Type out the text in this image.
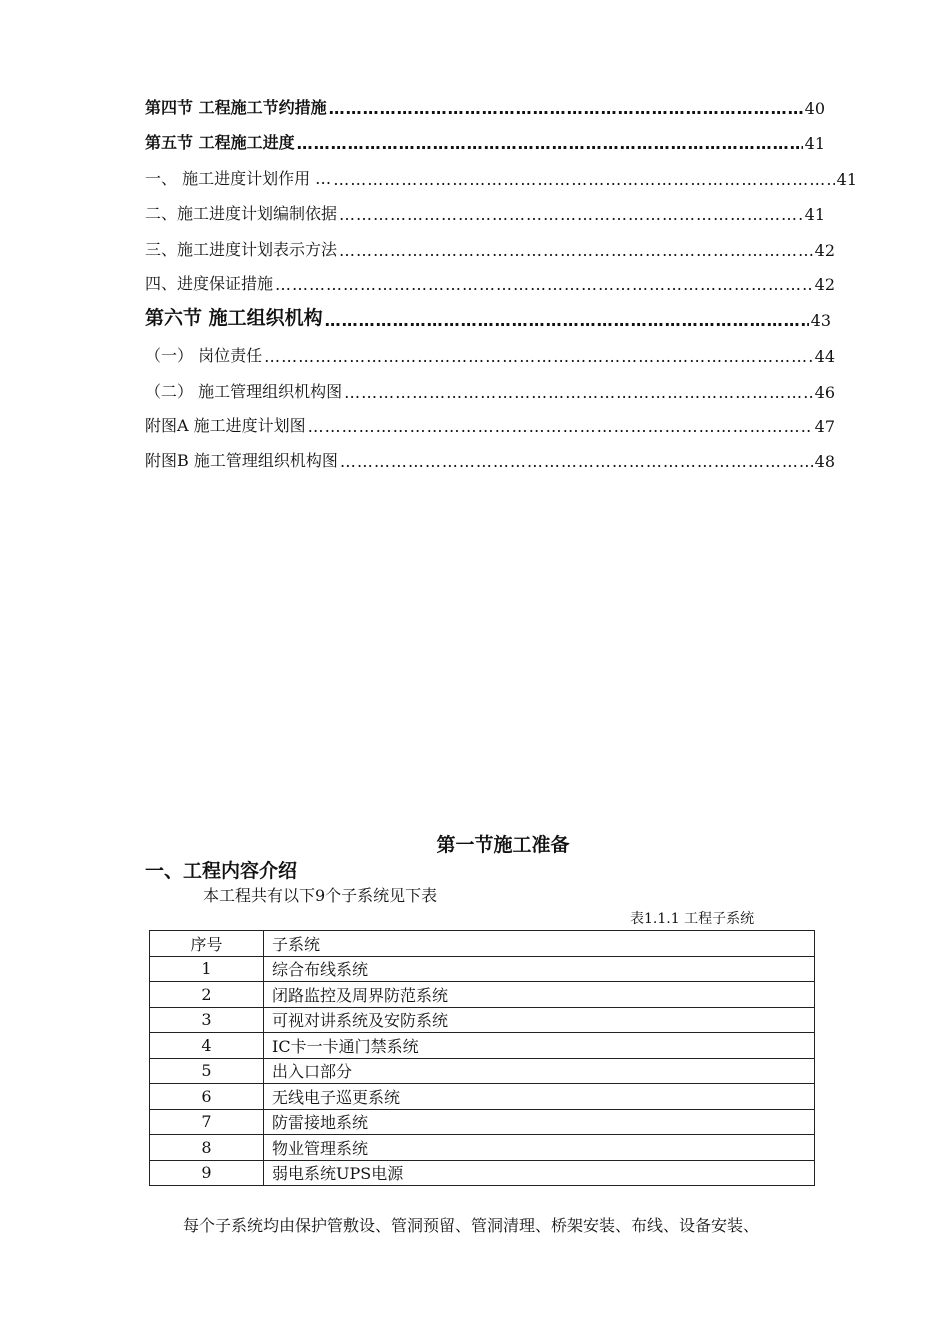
第四节 工程施工节约措施 …………………………………………………………………………………………………………………………………………	40
第五节 工程施工进度 …………………………………………………………………………………………………………………………………………	41
一、 施工进度计划作用 … …………………………………………………………………………………………………………………………………………	41
二、施工进度计划编制依据 …………………………………………………………………………………………………………………………………………	41
三、施工进度计划表示方法 …………………………………………………………………………………………………………………………………………	42
四、进度保证措施 …………………………………………………………………………………………………………………………………………	42
第六节 施工组织机构 …………………………………………………………………………………………………………………………………………	43
（一） 岗位责任 …………………………………………………………………………………………………………………………………………	44
（二） 施工管理组织机构图 …………………………………………………………………………………………………………………………………………	46
附图A 施工进度计划图 …………………………………………………………………………………………………………………………………………	47
附图B 施工管理组织机构图 …………………………………………………………………………………………………………………………………………	48
第一节施工准备
一、工程内容介绍
本工程共有以下9个子系统见下表
表1.1.1 工程子系统
序号	子系统
1	综合布线系统
2	闭路监控及周界防范系统
3	可视对讲系统及安防系统
4	IC卡一卡通门禁系统
5	出入口部分
6	无线电子巡更系统
7	防雷接地系统
8	物业管理系统
9	弱电系统UPS电源
每个子系统均由保护管敷设、管洞预留、管洞清理、桥架安装、布线、设备安装、
